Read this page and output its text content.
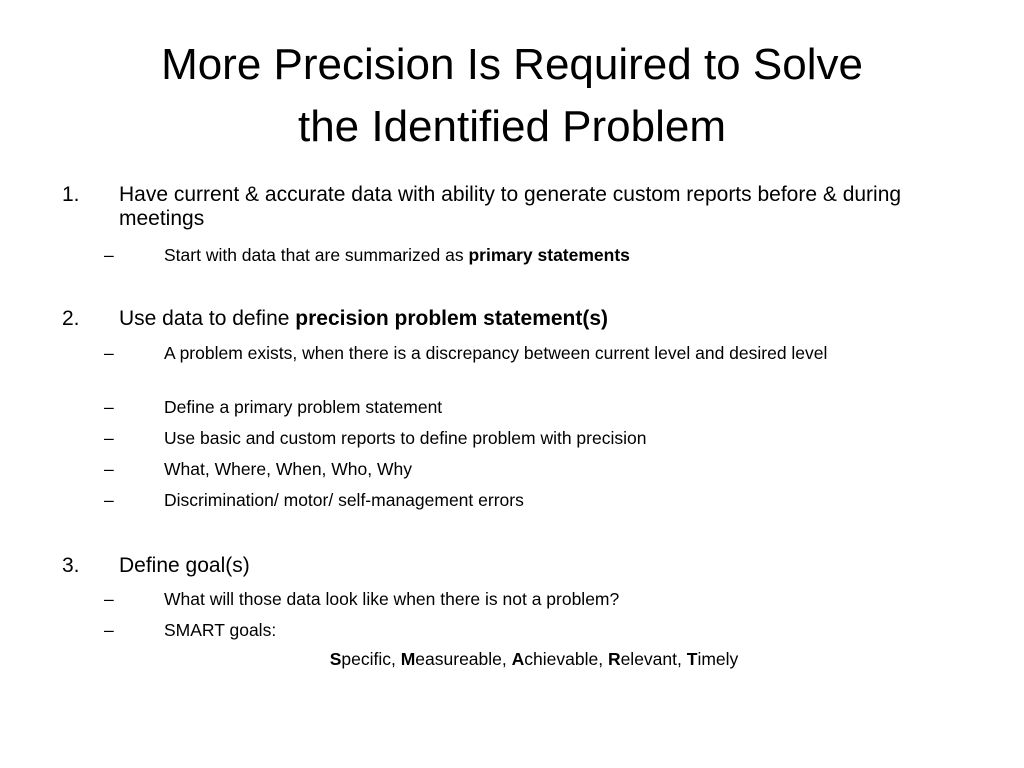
More Precision Is Required to Solve
the Identified Problem
1.	Have current & accurate data with ability to generate custom reports before & during meetings
–	Start with data that are summarized as primary statements
2.	Use data to define precision problem statement(s)
–	A problem exists, when there is a discrepancy between current level and desired level
–	Define a primary problem statement
–	Use basic and custom reports to define problem with precision
–	What, Where, When, Who, Why
–	Discrimination/ motor/ self-management errors
3.	Define goal(s)
–	What will those data look like when there is not a problem?
–	SMART goals:
Specific, Measureable, Achievable, Relevant, Timely
